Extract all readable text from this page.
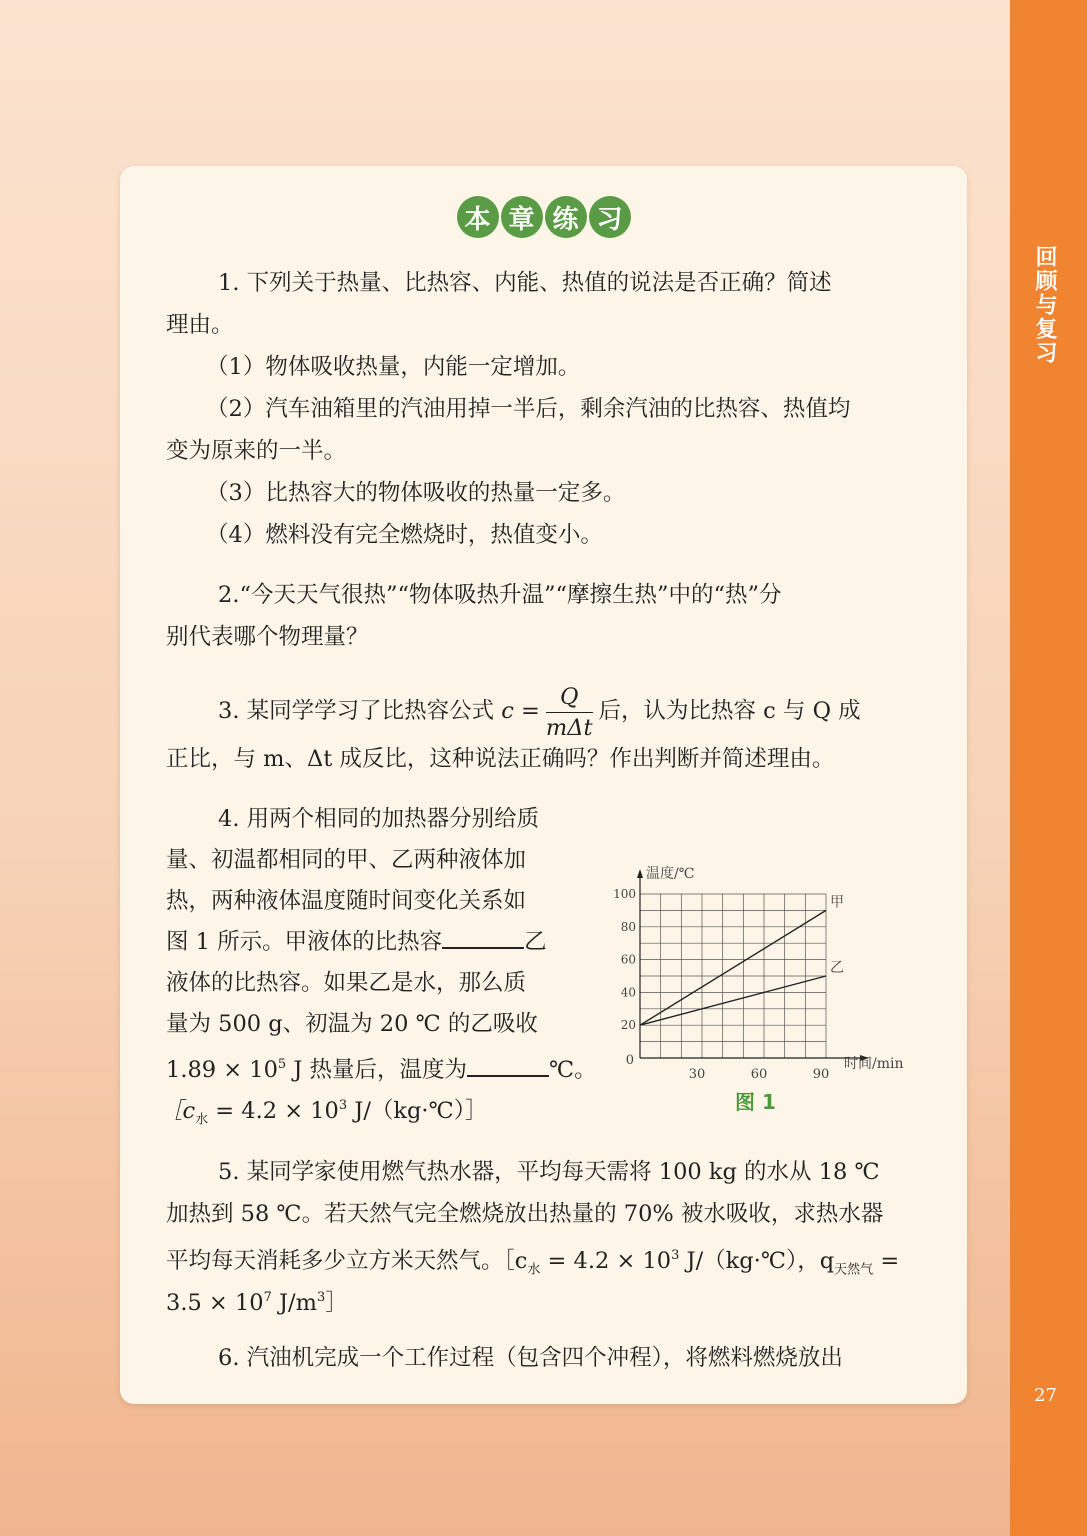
回顾与复习
27
本 章 练 习
1. 下列关于热量、比热容、内能、热值的说法是否正确？简述
理由。
（1）物体吸收热量，内能一定增加。
（2）汽车油箱里的汽油用掉一半后，剩余汽油的比热容、热值均
变为原来的一半。
（3）比热容大的物体吸收的热量一定多。
（4）燃料没有完全燃烧时，热值变小。
2.“今天天气很热”“物体吸热升温”“摩擦生热”中的“热”分
别代表哪个物理量？
3. 某同学学习了比热容公式 $c = \frac{Q}{\text{mΔt}}$ 后，认为比热容 c 与 Q 成
正比，与 m、Δt 成反比，这种说法正确吗？作出判断并简述理由。
4. 用两个相同的加热器分别给质
量、初温都相同的甲、乙两种液体加
热，两种液体温度随时间变化关系如
图 1 所示。甲液体的比热容	乙
液体的比热容。如果乙是水，那么质
量为 500 g、初温为 20 ℃ 的乙吸收
$1.89 \times 10^5$ J 热量后，温度为	℃。
$[c_水 = 4.2 \times 10^3$ J/（kg·℃）］
20
40
60
80
100
30	60	90
0
温度/℃
时间/min
甲
乙
图 1
5. 某同学家使用燃气热水器，平均每天需将 100 kg 的水从 18 ℃
加热到 58 ℃。若天然气完全燃烧放出热量的 70% 被水吸收，求热水器
平均每天消耗多少立方米天然气。$[c_水 = 4.2 \times 10^3$ J/（kg·℃），$q_{天然气}$ =
$3.5 \times 10^7$ $J/m^3]$
6. 汽油机完成一个工作过程（包含四个冲程），将燃料燃烧放出
